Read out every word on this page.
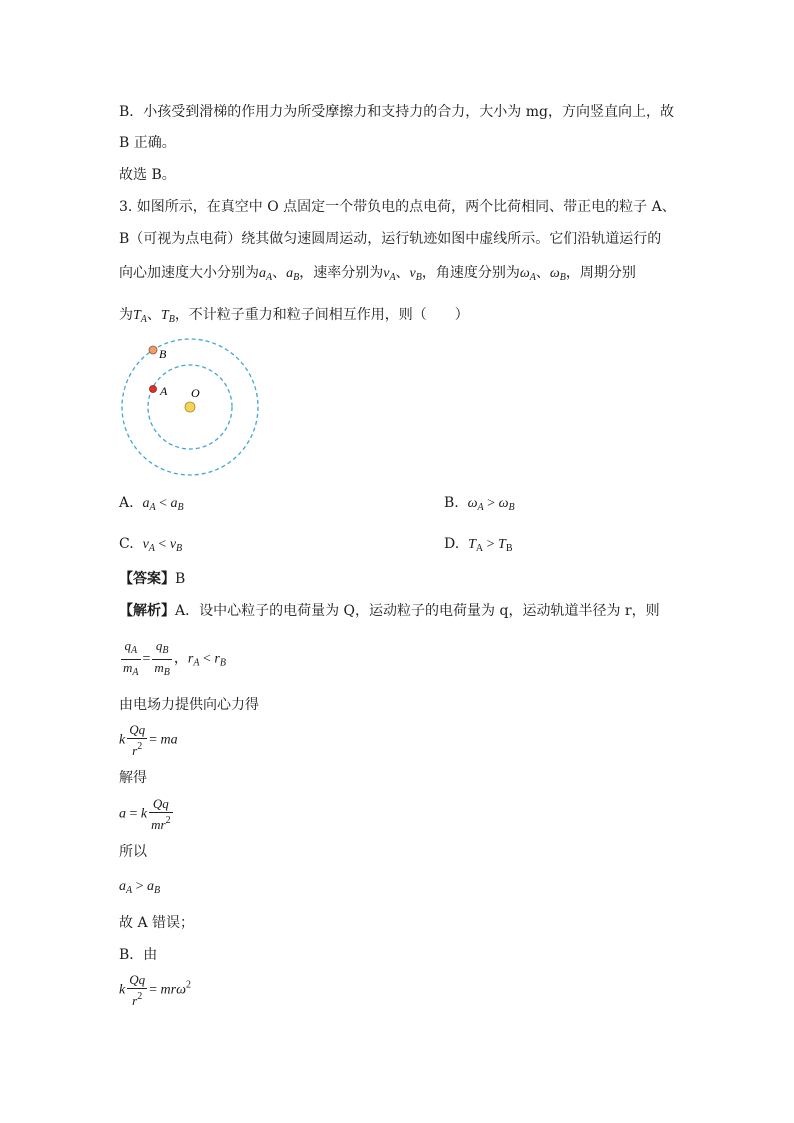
B．小孩受到滑梯的作用力为所受摩擦力和支持力的合力，大小为 mg，方向竖直向上，故
B 正确。
故选 B。
3. 如图所示，在真空中 O 点固定一个带负电的点电荷，两个比荷相同、带正电的粒子 A、
B（可视为点电荷）绕其做匀速圆周运动，运行轨迹如图中虚线所示。它们沿轨道运行的
向心加速度大小分别为$a_A$、$a_B$，速率分别为$v_A$、$v_B$，角速度分别为$\omega_A$、$\omega_B$，周期分别
为$T_A$、$T_B$，不计粒子重力和粒子间相互作用，则（　　）
B
A O
A. $a_A < a_B$	B. $\omega_A > \omega_B$
C. $v_A < v_B$	D. $T_A > T_B$
【答案】B
【解析】A．设中心粒子的电荷量为 Q，运动粒子的电荷量为 q，运动轨道半径为 r，则
$\frac{q_A}{m_A} = \frac{q_B}{m_B}$ ，$r_A < r_B$
由电场力提供向心力得
k $\frac{Qq}{r^2}$ = ma
解得
a = k $\frac{Qq}{mr^2}$
所以
$a_A > a_B$
故 A 错误；
B．由
k $\frac{Qq}{r^2} = mr\omega^2$
